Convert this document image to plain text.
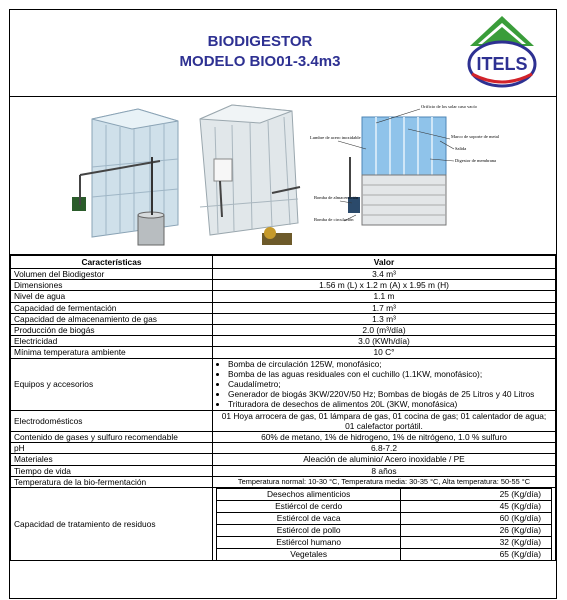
BIODIGESTOR
MODELO BIO01-3.4m3	ITELS
Orificio de los solar caso vacío
Marco de soporte de metal
Salida
Digestor de membrana
Lumbre de acero inoxidable
Bomba de almacenación
Bomba de circulación
Características	Valor
Volumen del Biodigestor	3.4 m³
Dimensiones	1.56 m (L) x 1.2 m (A) x 1.95 m (H)
Nivel de agua	1.1 m
Capacidad de fermentación	1.7 m³
Capacidad de almacenamiento de gas	1.3 m³
Producción de biogás	2.0 (m³/día)
Electricidad	3.0 (KWh/día)
Mínima temperatura ambiente	10 C°
Equipos y accesorios	
• Bomba de circulación 125W, monofásico;
• Bomba de las aguas residuales con el cuchillo (1.1KW, monofásico);
• Caudalímetro;
• Generador de biogás 3KW/220V/50 Hz; Bombas de biogás de 25 Litros y 40 Litros
• Trituradora de desechos de alimentos 20L (3KW, monofásica)

Electrodomésticos	01 Hoya arrocera de gas, 01 lámpara de gas, 01 cocina de gas; 01 calentador de agua; 01 calefactor portátil.
Contenido de gases y sulfuro recomendable	60% de metano, 1% de hidrogeno, 1% de nitrógeno, 1.0 % sulfuro
pH	6.8-7.2
Materiales	Aleación de aluminio/ Acero inoxidable / PE
Tiempo de vida	8 años
Temperatura de la bio-fermentación	Temperatura normal: 10-30 °C, Temperatura media: 30-35 °C, Alta temperatura: 50-55 °C
Capacidad de tratamiento de residuos	
Desechos alimenticios	25 (Kg/día)
Estiércol de cerdo	45 (Kg/día)
Estiércol de vaca	60 (Kg/día)
Estiércol de pollo	26 (Kg/día)
Estiércol humano	32 (Kg/día)
Vegetales	65 (Kg/día)
